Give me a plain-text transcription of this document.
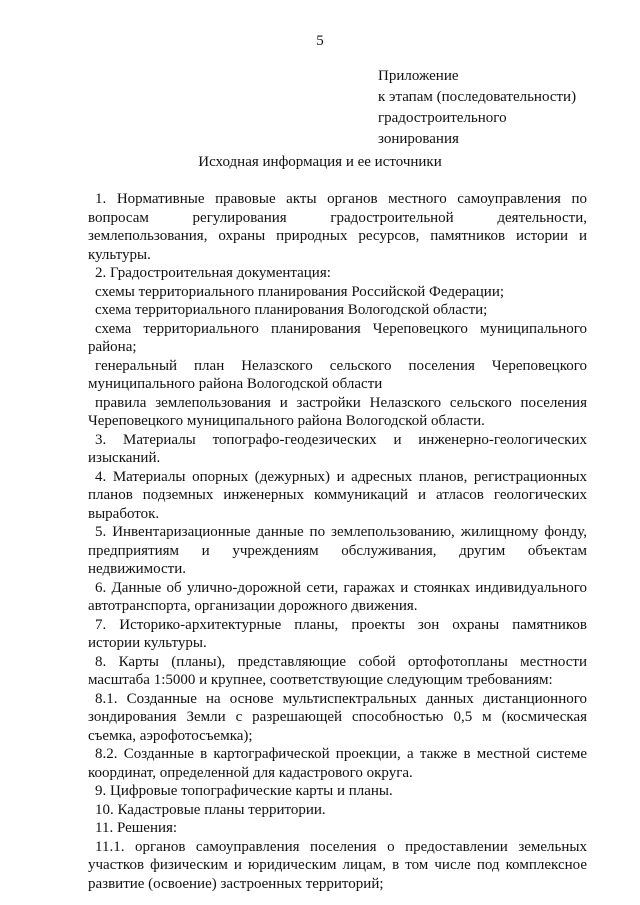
5
Приложение
к этапам (последовательности)
градостроительного
зонирования
Исходная информация и ее источники

1. Нормативные правовые акты органов местного самоуправления по вопросам регулирования градостроительной деятельности, землепользования, охраны природных ресурсов, памятников истории и культуры.

2. Градостроительная документация:

схемы территориального планирования Российской Федерации;

схема территориального планирования Вологодской области;

схема территориального планирования Череповецкого муниципального района;

генеральный план Нелазского сельского поселения Череповецкого муниципального района Вологодской области

правила землепользования и застройки Нелазского сельского поселения Череповецкого муниципального района Вологодской области.

3. Материалы топографо-геодезических и инженерно-геологических изысканий.

4. Материалы опорных (дежурных) и адресных планов, регистрационных планов подземных инженерных коммуникаций и атласов геологических выработок.

5. Инвентаризационные данные по землепользованию, жилищному фонду, предприятиям и учреждениям обслуживания, другим объектам недвижимости.

6. Данные об улично-дорожной сети, гаражах и стоянках индивидуального автотранспорта, организации дорожного движения.

7. Историко-архитектурные планы, проекты зон охраны памятников истории культуры.

8. Карты (планы), представляющие собой ортофотопланы местности масштаба 1:5000 и крупнее, соответствующие следующим требованиям:

8.1. Созданные на основе мультиспектральных данных дистанционного зондирования Земли с разрешающей способностью 0,5 м (космическая съемка, аэрофотосъемка);

8.2. Созданные в картографической проекции, а также в местной системе координат, определенной для кадастрового округа.

9. Цифровые топографические карты и планы.

10. Кадастровые планы территории.

11. Решения:

11.1. органов самоуправления поселения о предоставлении земельных участков физическим и юридическим лицам, в том числе под комплексное развитие (освоение) застроенных территорий;
